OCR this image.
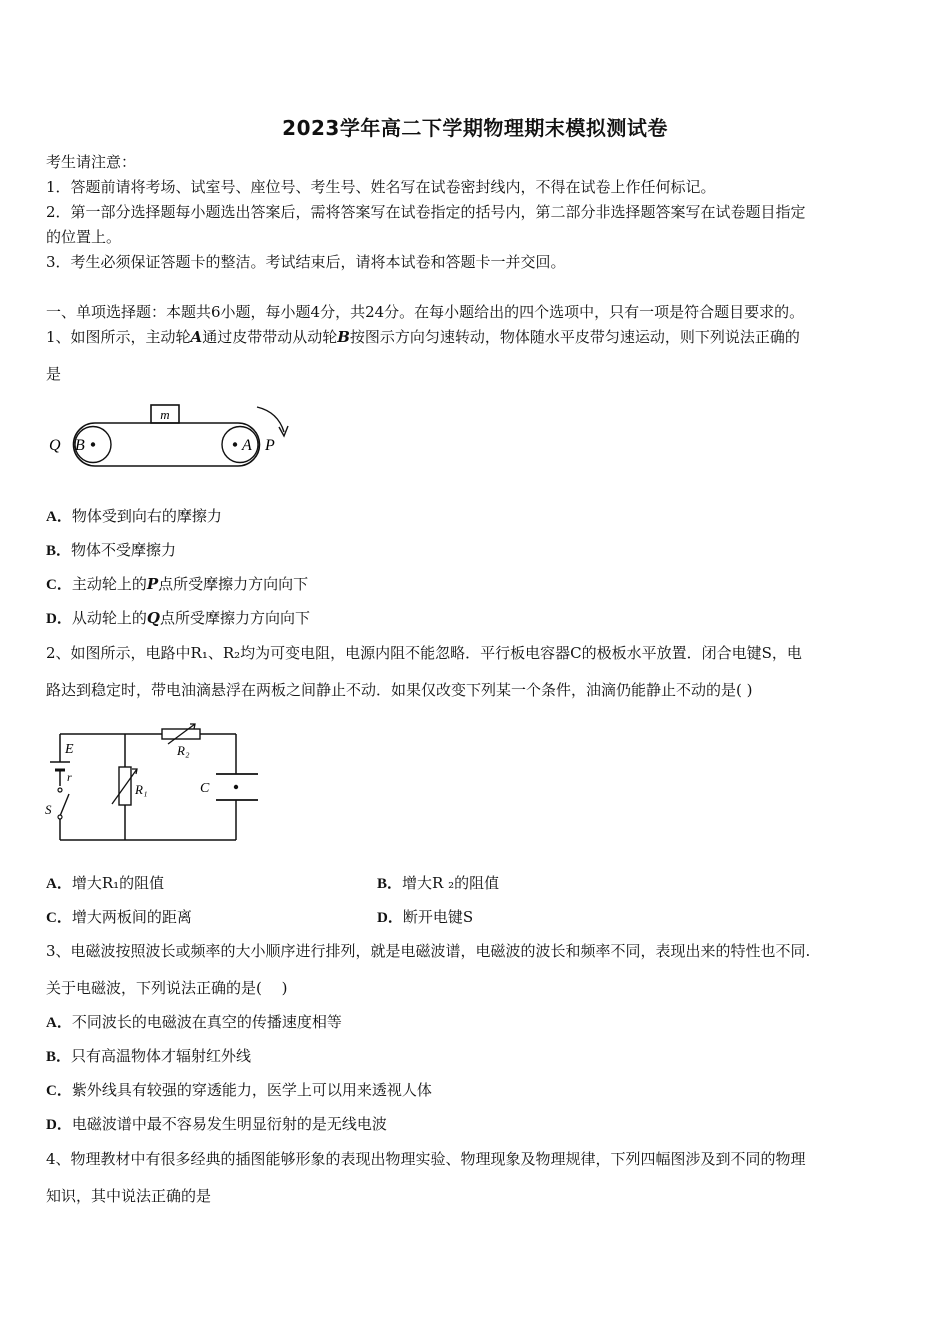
2023学年高二下学期物理期末模拟测试卷
考生请注意：
1．答题前请将考场、试室号、座位号、考生号、姓名写在试卷密封线内，不得在试卷上作任何标记。
2．第一部分选择题每小题选出答案后，需将答案写在试卷指定的括号内，第二部分非选择题答案写在试卷题目指定
的位置上。
3．考生必须保证答题卡的整洁。考试结束后，请将本试卷和答题卡一并交回。
一、单项选择题：本题共6小题，每小题4分，共24分。在每小题给出的四个选项中，只有一项是符合题目要求的。
1、如图所示，主动轮A通过皮带带动从动轮B按图示方向匀速转动，物体随水平皮带匀速运动，则下列说法正确的
是
m
Q B	A P
A．物体受到向右的摩擦力
B．物体不受摩擦力
C．主动轮上的P点所受摩擦力方向向下
D．从动轮上的Q点所受摩擦力方向向下
2、如图所示，电路中R₁、R₂均为可变电阻，电源内阻不能忽略．平行板电容器C的极板水平放置．闭合电键S，电
路达到稳定时，带电油滴悬浮在两板之间静止不动．如果仅改变下列某一个条件，油滴仍能静止不动的是( )
E
r
S
R₁
R₂
C
A．增大R₁的阻值	B．增大R ₂的阻值
C．增大两板间的距离	D．断开电键S
3、电磁波按照波长或频率的大小顺序进行排列，就是电磁波谱，电磁波的波长和频率不同，表现出来的特性也不同.
关于电磁波，下列说法正确的是(　 )
A．不同波长的电磁波在真空的传播速度相等
B．只有高温物体才辐射红外线
C．紫外线具有较强的穿透能力，医学上可以用来透视人体
D．电磁波谱中最不容易发生明显衍射的是无线电波
4、物理教材中有很多经典的插图能够形象的表现出物理实验、物理现象及物理规律，下列四幅图涉及到不同的物理
知识，其中说法正确的是
